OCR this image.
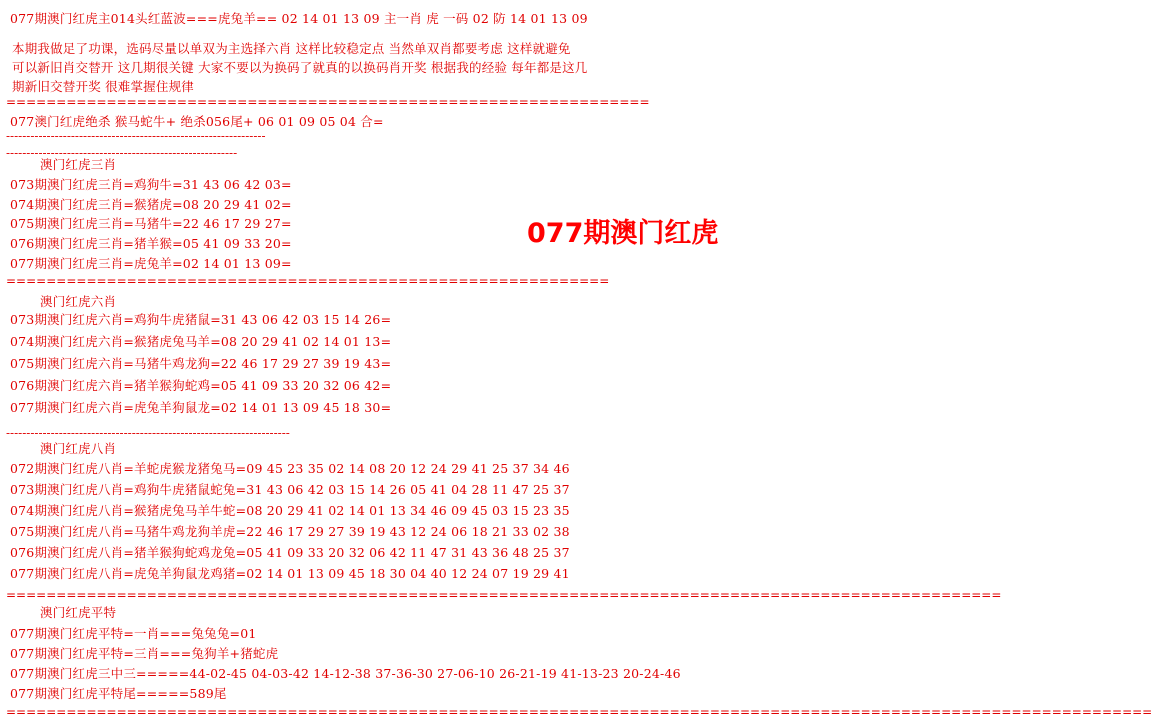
077期澳门红虎主014头红蓝波===虎兔羊== 02 14 01 13 09 主一肖 虎 一码 02 防 14 01 13 09
本期我做足了功课，选码尽量以单双为主选择六肖 这样比较稳定点 当然单双肖都要考虑 这样就避免
可以新旧肖交替开 这几期很关键 大家不要以为换码了就真的以换码肖开奖 根据我的经验 每年都是这几
期新旧交替开奖 很难掌握住规律
================================================================
077澳门红虎绝杀 猴马蛇牛+ 绝杀056尾+ 06 01 09 05 04 合=
----------------------------------------------------------------
---------------------------------------------------------
澳门红虎三肖
073期澳门红虎三肖=鸡狗牛=31 43 06 42 03=
074期澳门红虎三肖=猴猪虎=08 20 29 41 02=
075期澳门红虎三肖=马猪牛=22 46 17 29 27=
076期澳门红虎三肖=猪羊猴=05 41 09 33 20=
077期澳门红虎三肖=虎兔羊=02 14 01 13 09=
077期澳门红虎
============================================================
澳门红虎六肖
073期澳门红虎六肖=鸡狗牛虎猪鼠=31 43 06 42 03 15 14 26=
074期澳门红虎六肖=猴猪虎兔马羊=08 20 29 41 02 14 01 13=
075期澳门红虎六肖=马猪牛鸡龙狗=22 46 17 29 27 39 19 43=
076期澳门红虎六肖=猪羊猴狗蛇鸡=05 41 09 33 20 32 06 42=
077期澳门红虎六肖=虎兔羊狗鼠龙=02 14 01 13 09 45 18 30=
----------------------------------------------------------------------
澳门红虎八肖
072期澳门红虎八肖=羊蛇虎猴龙猪兔马=09 45 23 35 02 14 08 20 12 24 29 41 25 37 34 46
073期澳门红虎八肖=鸡狗牛虎猪鼠蛇兔=31 43 06 42 03 15 14 26 05 41 04 28 11 47 25 37
074期澳门红虎八肖=猴猪虎兔马羊牛蛇=08 20 29 41 02 14 01 13 34 46 09 45 03 15 23 35
075期澳门红虎八肖=马猪牛鸡龙狗羊虎=22 46 17 29 27 39 19 43 12 24 06 18 21 33 02 38
076期澳门红虎八肖=猪羊猴狗蛇鸡龙兔=05 41 09 33 20 32 06 42 11 47 31 43 36 48 25 37
077期澳门红虎八肖=虎兔羊狗鼠龙鸡猪=02 14 01 13 09 45 18 30 04 40 12 24 07 19 29 41
===================================================================================================
澳门红虎平特
077期澳门红虎平特=一肖===兔兔兔=01
077期澳门红虎平特=三肖===兔狗羊+猪蛇虎
077期澳门红虎三中三=====44-02-45 04-03-42 14-12-38 37-36-30 27-06-10 26-21-19 41-13-23 20-24-46
077期澳门红虎平特尾=====589尾
==================================================================================================================
